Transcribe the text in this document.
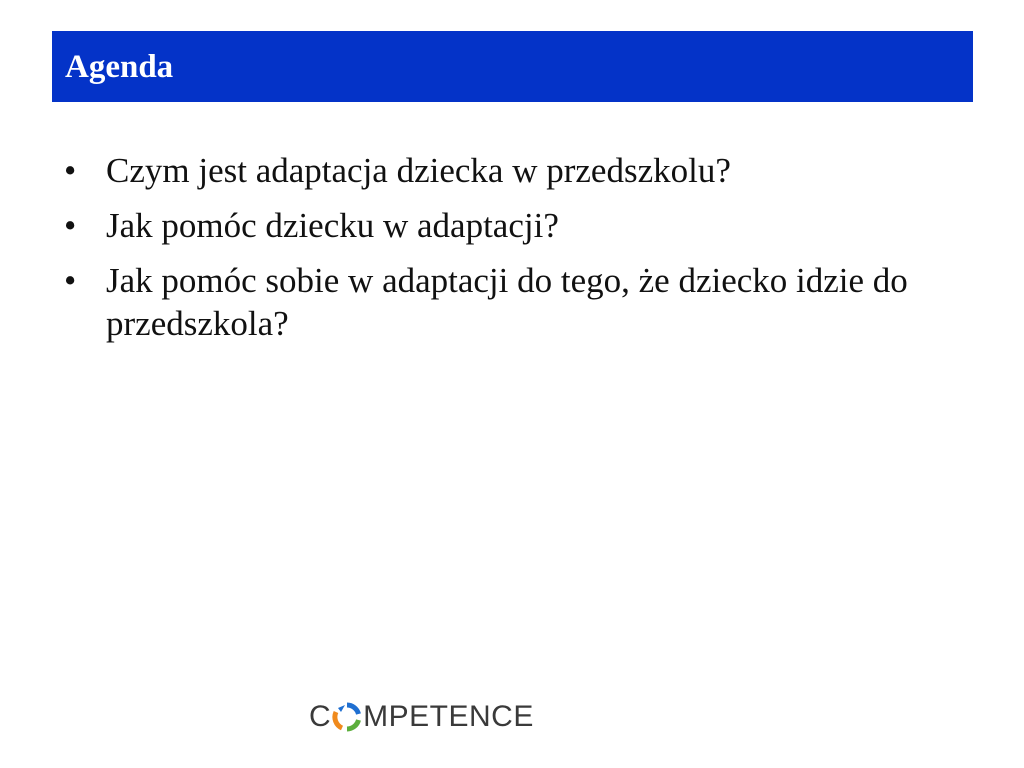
Agenda
• Czym jest adaptacja dziecka w przedszkolu?
• Jak pomóc dziecku w adaptacji?
• Jak pomóc sobie w adaptacji do tego, że dziecko idzie do przedszkola?
C MPETENCE
